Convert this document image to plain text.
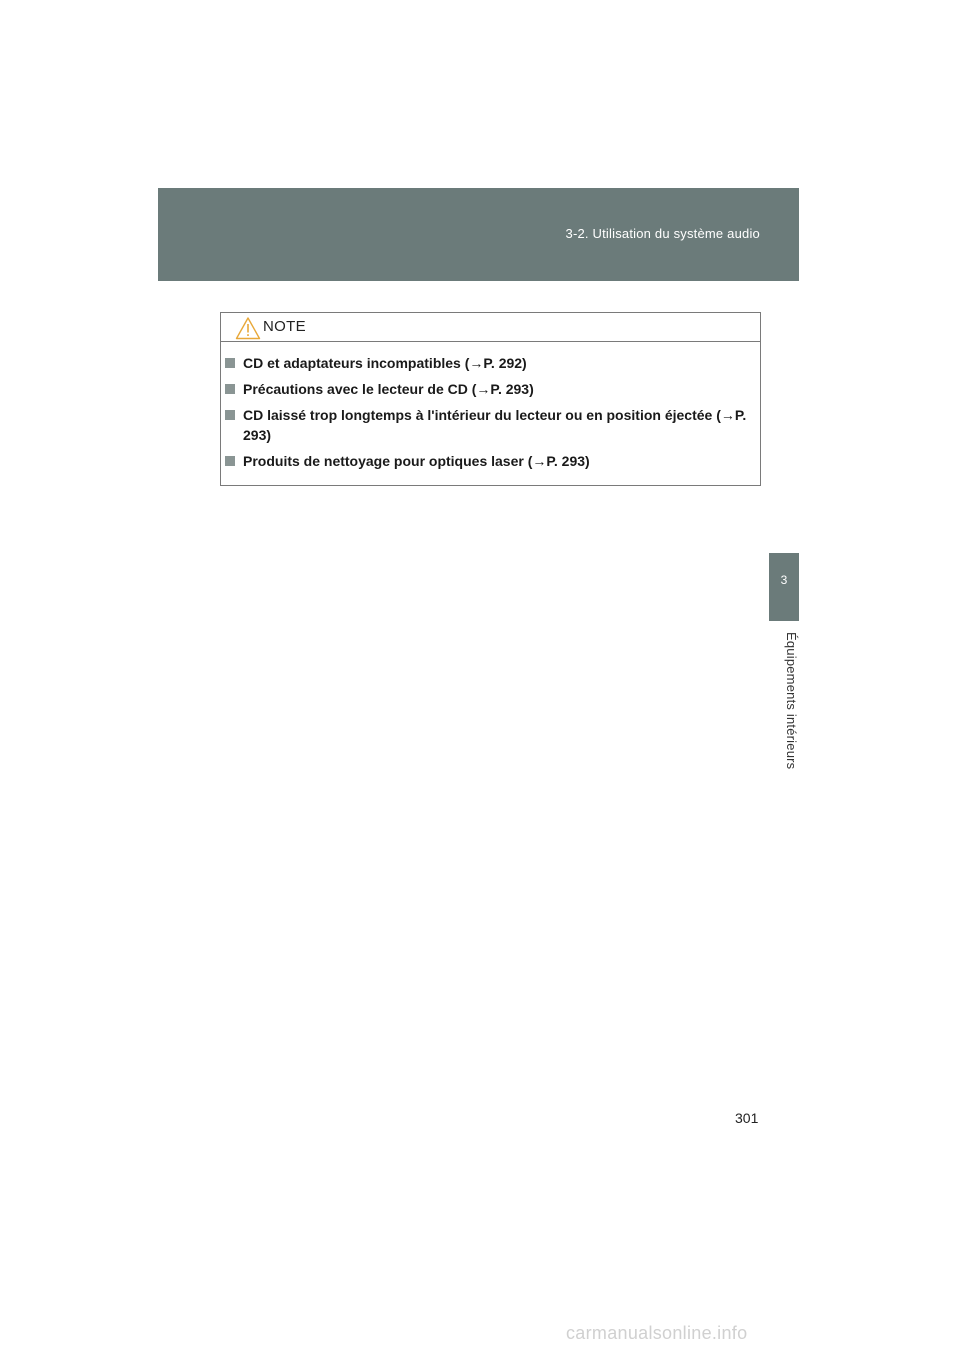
3-2. Utilisation du système audio
3
Équipements intérieurs
NOTE
CD et adaptateurs incompatibles (→P. 292)
Précautions avec le lecteur de CD (→P. 293)
CD laissé trop longtemps à l'intérieur du lecteur ou en position éjectée (→P. 293)
Produits de nettoyage pour optiques laser (→P. 293)
301
carmanualsonline.info
